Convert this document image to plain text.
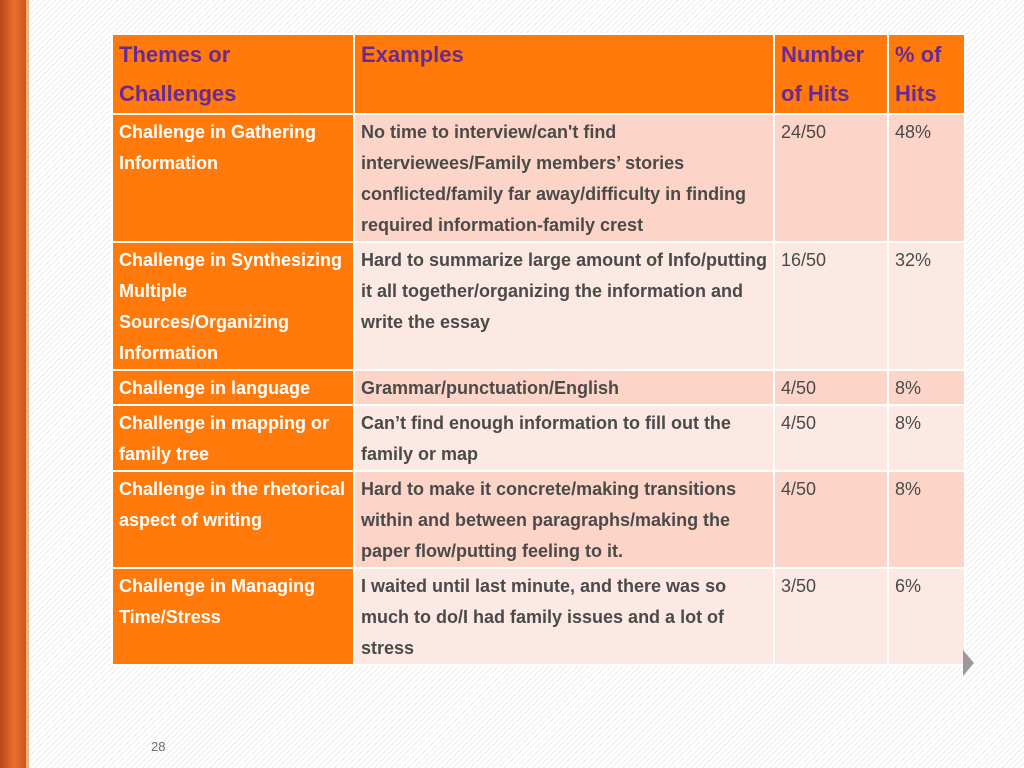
Themes or Challenges	Examples	Number of Hits	% of Hits
Challenge in Gathering Information	No time to interview/can't find interviewees/Family members’ stories conflicted/family far away/difficulty in finding required information-family crest	24/50	48%
Challenge in Synthesizing Multiple Sources/Organizing Information	Hard to summarize large amount of Info/putting it all together/organizing the information and write the essay	16/50	32%
Challenge in language	Grammar/punctuation/English	4/50	8%
Challenge in mapping or family tree	Can’t find enough information to fill out the family or map	4/50	8%
Challenge in the rhetorical aspect of writing	Hard to make it concrete/making transitions within and between paragraphs/making the paper flow/putting feeling to it.	4/50	8%
Challenge in Managing Time/Stress	I waited until last minute, and there was so much to do/I had family issues and a lot of stress	3/50	6%
28
